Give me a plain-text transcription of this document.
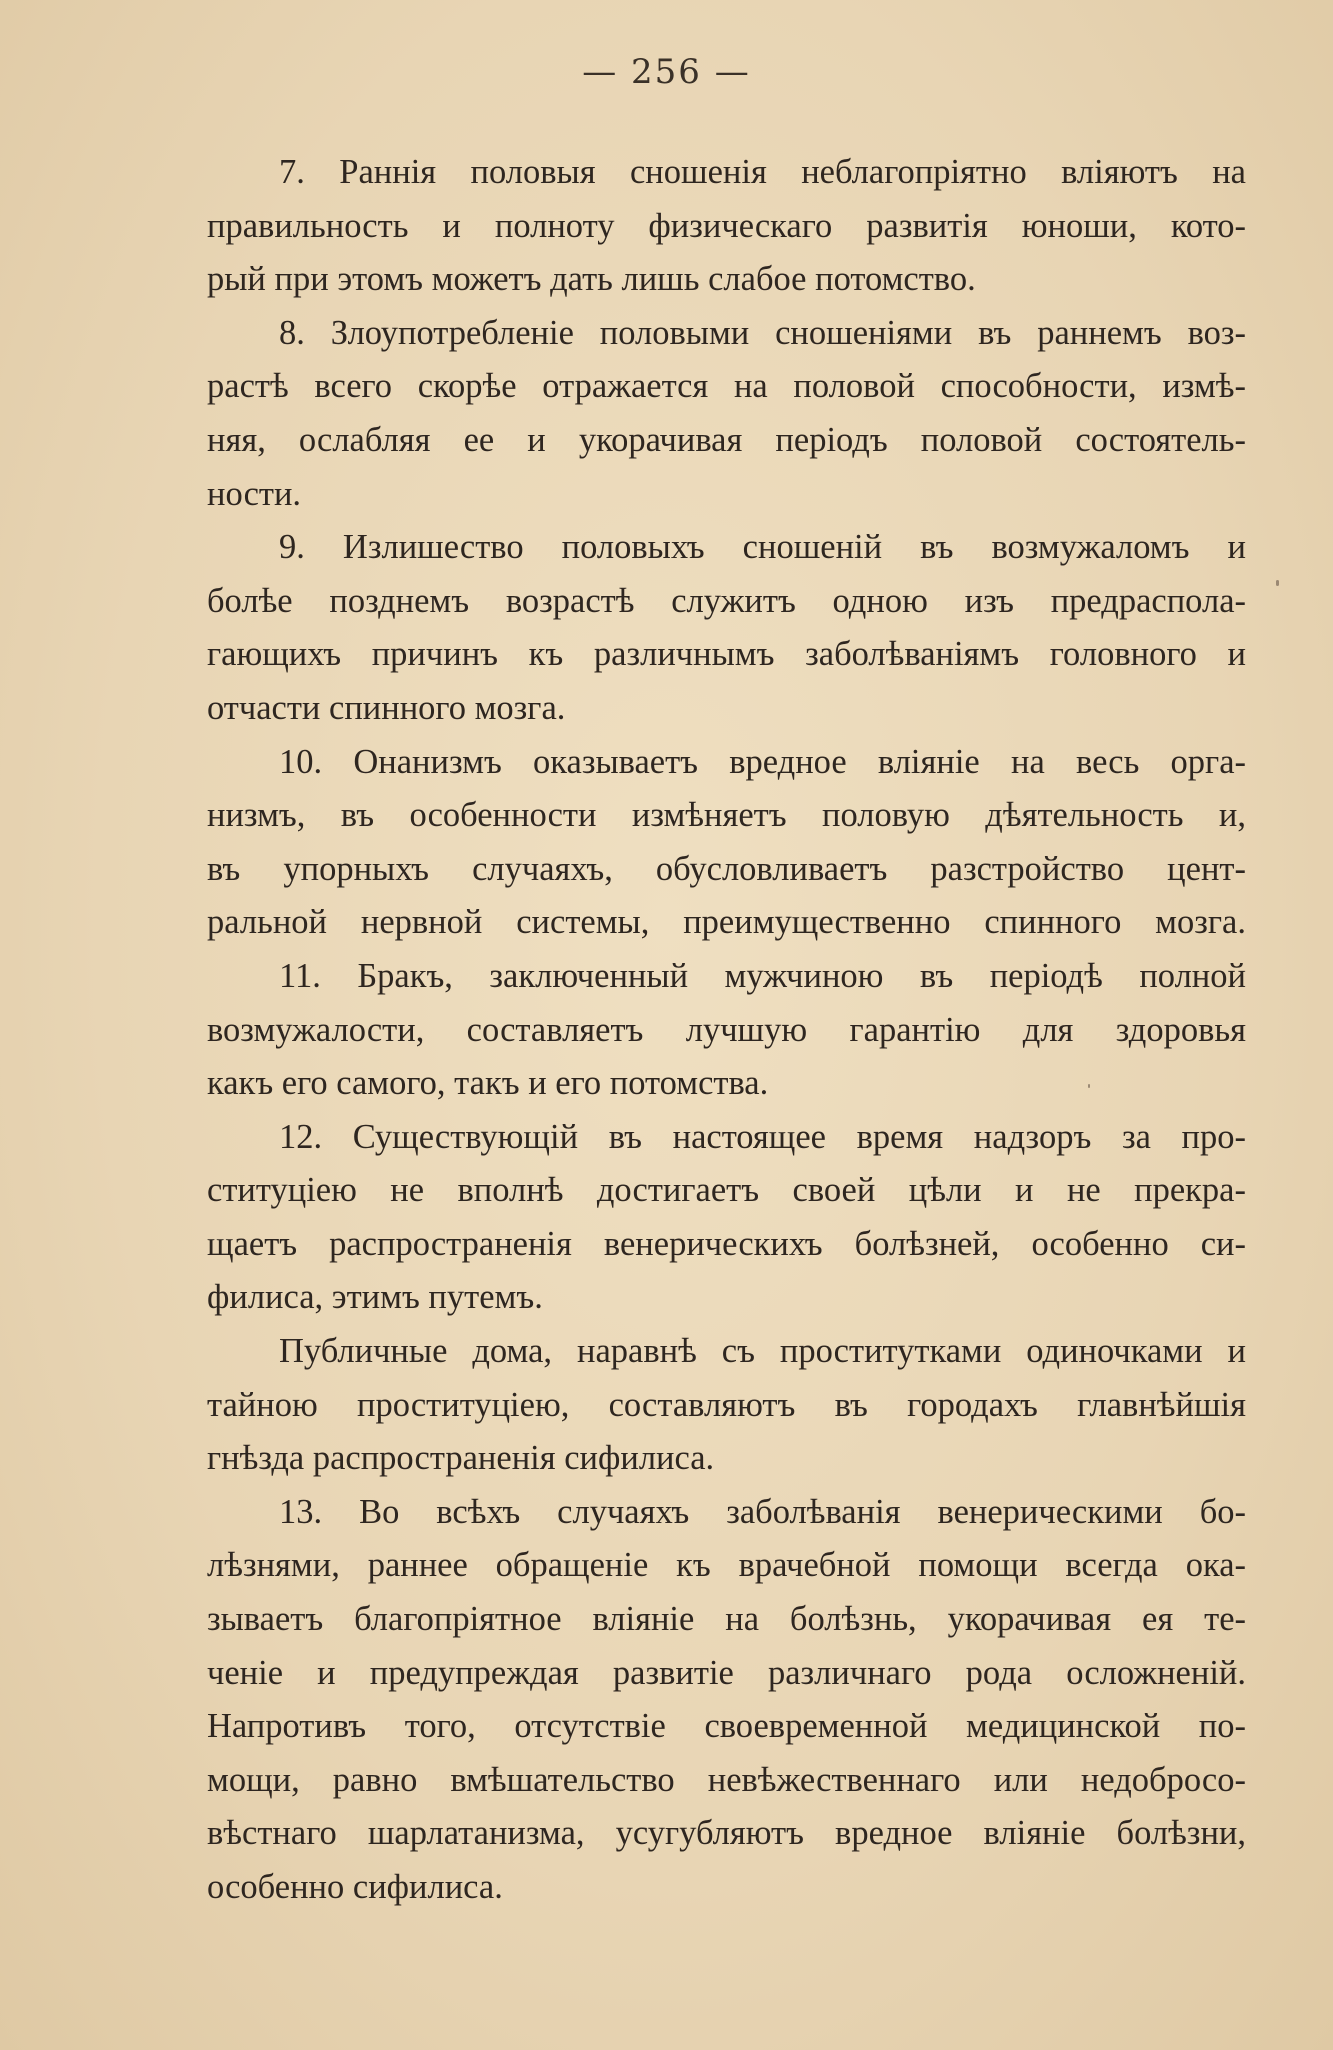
— 256 —
7. Раннія половыя сношенія неблагопріятно вліяютъ на
правильность и полноту физическаго развитія юноши, кото-
рый при этомъ можетъ дать лишь слабое потомство.
8. Злоупотребленіе половыми сношеніями въ раннемъ воз-
растѣ всего скорѣе отражается на половой способности, измѣ-
няя, ослабляя ее и укорачивая періодъ половой состоятель-
ности.
9. Излишество половыхъ сношеній въ возмужаломъ и
болѣе позднемъ возрастѣ служитъ одною изъ предраспола-
гающихъ причинъ къ различнымъ заболѣваніямъ головного и
отчасти спинного мозга.
10. Онанизмъ оказываетъ вредное вліяніе на весь орга-
низмъ, въ особенности измѣняетъ половую дѣятельность и,
въ упорныхъ случаяхъ, обусловливаетъ разстройство цент-
ральной нервной системы, преимущественно спинного мозга.
11. Бракъ, заключенный мужчиною въ періодѣ полной
возмужалости, составляетъ лучшую гарантію для здоровья
какъ его самого, такъ и его потомства.
12. Существующій въ настоящее время надзоръ за про-
ституціею не вполнѣ достигаетъ своей цѣли и не прекра-
щаетъ распространенія венерическихъ болѣзней, особенно си-
филиса, этимъ путемъ.
Публичные дома, наравнѣ съ проститутками одиночками и
тайною проституціею, составляютъ въ городахъ главнѣйшія
гнѣзда распространенія сифилиса.
13. Во всѣхъ случаяхъ заболѣванія венерическими бо-
лѣзнями, раннее обращеніе къ врачебной помощи всегда ока-
зываетъ благопріятное вліяніе на болѣзнь, укорачивая ея те-
ченіе и предупреждая развитіе различнаго рода осложненій.
Напротивъ того, отсутствіе своевременной медицинской по-
мощи, равно вмѣшательство невѣжественнаго или недобросо-
вѣстнаго шарлатанизма, усугубляютъ вредное вліяніе болѣзни,
особенно сифилиса.
